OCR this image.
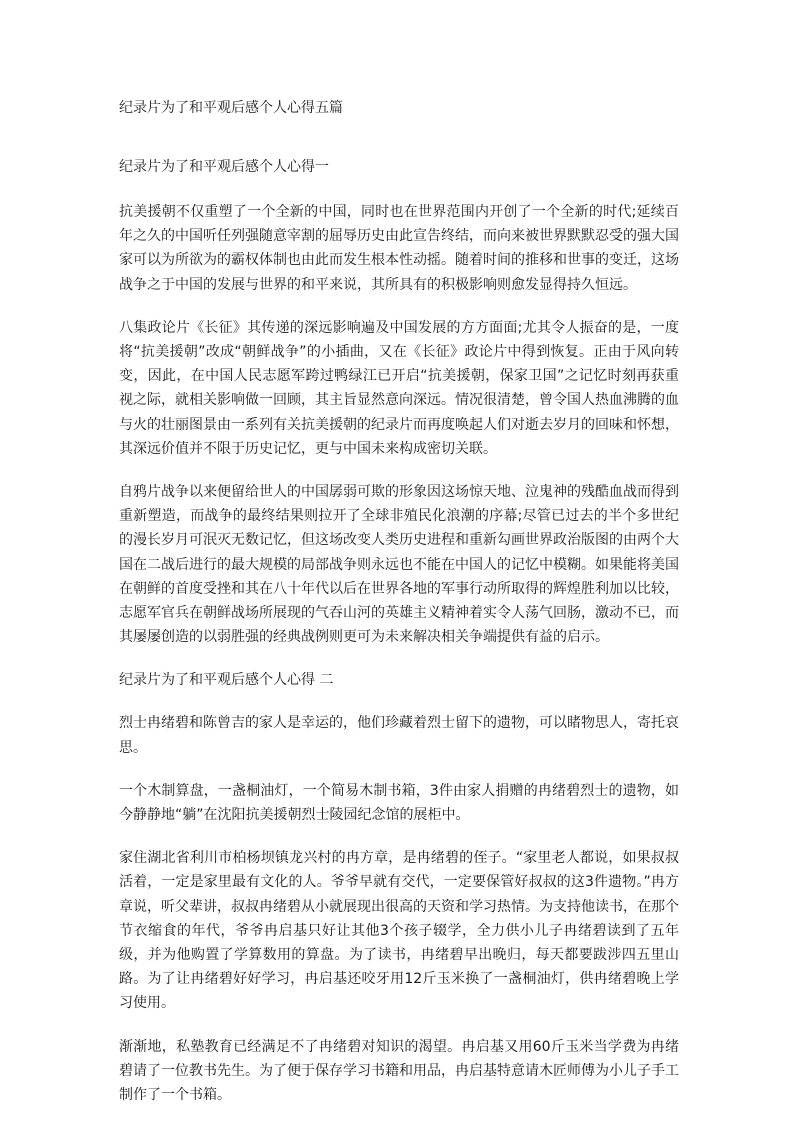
纪录片为了和平观后感个人心得五篇
纪录片为了和平观后感个人心得一

抗美援朝不仅重塑了一个全新的中国，同时也在世界范围内开创了一个全新的时代;延续百年之久的中国听任列强随意宰割的屈辱历史由此宣告终结，而向来被世界默默忍受的强大国家可以为所欲为的霸权体制也由此而发生根本性动摇。随着时间的推移和世事的变迁，这场战争之于中国的发展与世界的和平来说，其所具有的积极影响则愈发显得持久恒远。

八集政论片《长征》其传递的深远影响遍及中国发展的方方面面;尤其令人振奋的是，一度将“抗美援朝”改成“朝鲜战争”的小插曲，又在《长征》政论片中得到恢复。正由于风向转变，因此，在中国人民志愿军跨过鸭绿江已开启“抗美援朝，保家卫国”之记忆时刻再获重视之际，就相关影响做一回顾，其主旨显然意向深远。情况很清楚，曾令国人热血沸腾的血与火的壮丽图景由一系列有关抗美援朝的纪录片而再度唤起人们对逝去岁月的回味和怀想，其深远价值并不限于历史记忆，更与中国未来构成密切关联。

自鸦片战争以来便留给世人的中国孱弱可欺的形象因这场惊天地、泣鬼神的残酷血战而得到重新塑造，而战争的最终结果则拉开了全球非殖民化浪潮的序幕;尽管已过去的半个多世纪的漫长岁月可泯灭无数记忆，但这场改变人类历史进程和重新勾画世界政治版图的由两个大国在二战后进行的最大规模的局部战争则永远也不能在中国人的记忆中模糊。如果能将美国在朝鲜的首度受挫和其在八十年代以后在世界各地的军事行动所取得的辉煌胜利加以比较，志愿军官兵在朝鲜战场所展现的气吞山河的英雄主义精神着实令人荡气回肠，激动不已，而其屡屡创造的以弱胜强的经典战例则更可为未来解决相关争端提供有益的启示。

纪录片为了和平观后感个人心得 二

烈士冉绪碧和陈曾吉的家人是幸运的，他们珍藏着烈士留下的遗物，可以睹物思人，寄托哀思。

一个木制算盘，一盏桐油灯，一个简易木制书箱，3件由家人捐赠的冉绪碧烈士的遗物，如今静静地“躺”在沈阳抗美援朝烈士陵园纪念馆的展柜中。

家住湖北省利川市柏杨坝镇龙兴村的冉方章，是冉绪碧的侄子。“家里老人都说，如果叔叔活着，一定是家里最有文化的人。爷爷早就有交代，一定要保管好叔叔的这3件遗物。”冉方章说，听父辈讲，叔叔冉绪碧从小就展现出很高的天资和学习热情。为支持他读书，在那个节衣缩食的年代，爷爷冉启基只好让其他3个孩子辍学，全力供小儿子冉绪碧读到了五年级，并为他购置了学算数用的算盘。为了读书，冉绪碧早出晚归，每天都要跋涉四五里山路。为了让冉绪碧好好学习，冉启基还咬牙用12斤玉米换了一盏桐油灯，供冉绪碧晚上学习使用。

渐渐地，私塾教育已经满足不了冉绪碧对知识的渴望。冉启基又用60斤玉米当学费为冉绪碧请了一位教书先生。为了便于保存学习书籍和用品，冉启基特意请木匠师傅为小儿子手工制作了一个书箱。
